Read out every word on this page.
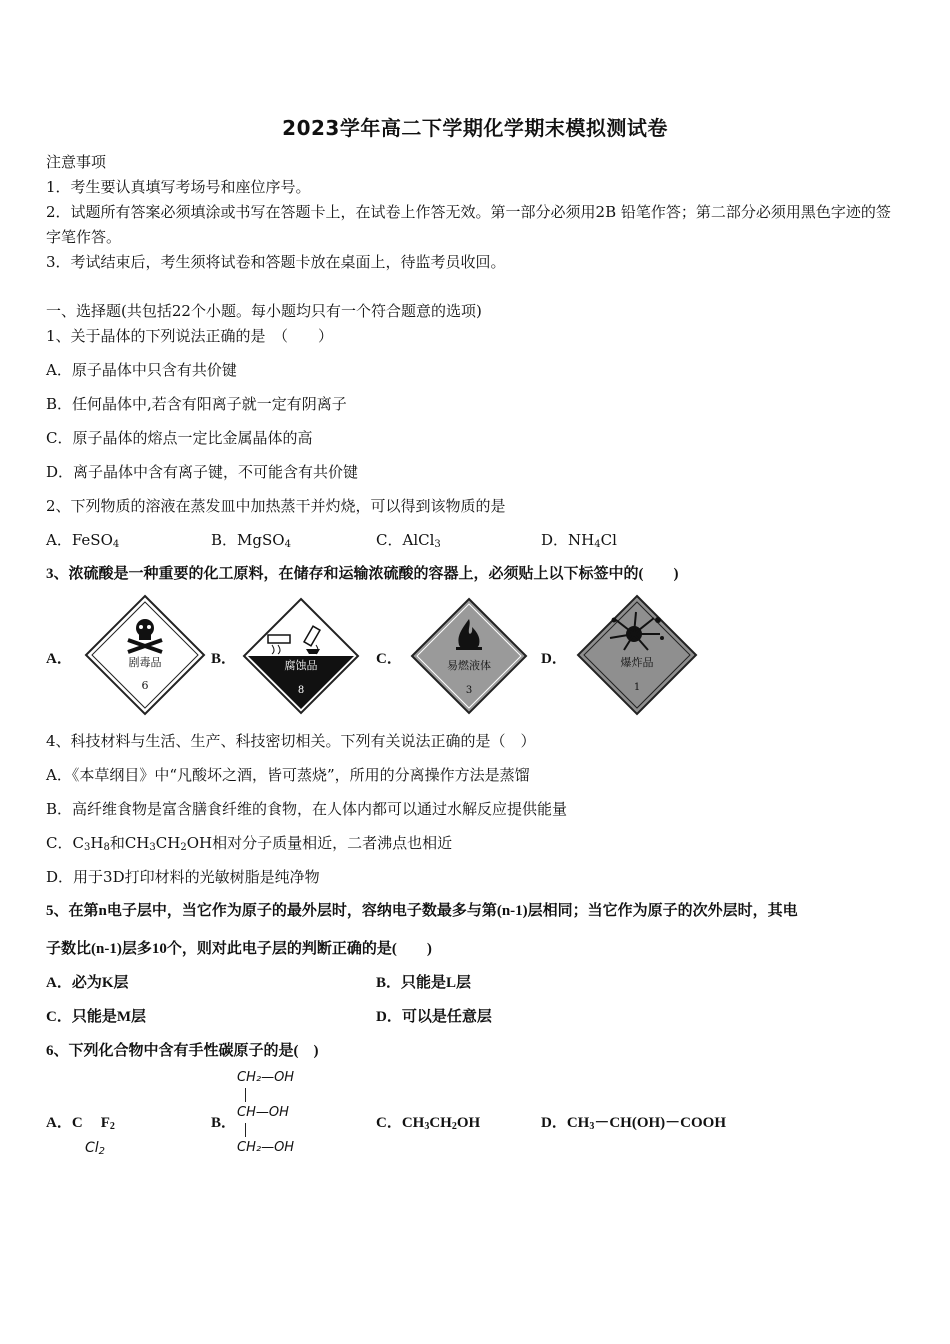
2023学年高二下学期化学期末模拟测试卷
注意事项
1．考生要认真填写考场号和座位序号。
2．试题所有答案必须填涂或书写在答题卡上，在试卷上作答无效。第一部分必须用2B 铅笔作答；第二部分必须用黑色字迹的签字笔作答。
3．考试结束后，考生须将试卷和答题卡放在桌面上，待监考员收回。
一、选择题(共包括22个小题。每小题均只有一个符合题意的选项)
1、关于晶体的下列说法正确的是　（　　）
A．原子晶体中只含有共价键
B．任何晶体中,若含有阳离子就一定有阴离子
C．原子晶体的熔点一定比金属晶体的高
D．离子晶体中含有离子键，不可能含有共价键
2、下列物质的溶液在蒸发皿中加热蒸干并灼烧，可以得到该物质的是
A．FeSO$_4$	B．MgSO$_4$	C．AlCl$_3$	D．$NH_4Cl$
3、浓硫酸是一种重要的化工原料，在储存和运输浓硫酸的容器上，必须贴上以下标签中的(　　)
A．	剧毒品
6
B．	腐蚀品
8
C．	易燃液体
3
D．	爆炸品
1
4、科技材料与生活、生产、科技密切相关。下列有关说法正确的是（　）
A．《本草纲目》中“凡酸坏之酒，皆可蒸烧”，所用的分离操作方法是蒸馏
B．高纤维食物是富含膳食纤维的食物，在人体内都可以通过水解反应提供能量
C．$C_3H_8$和$CH_3CH_2OH$相对分子质量相近，二者沸点也相近
D．用于3D打印材料的光敏树脂是纯净物
5、在第n电子层中，当它作为原子的最外层时，容纳电子数最多与第(n-1)层相同；当它作为原子的次外层时，其电
子数比(n-1)层多10个，则对此电子层的判断正确的是(　　)
A．必为K层	B．只能是L层
C．只能是M层	D．可以是任意层
6、下列化合物中含有手性碳原子的是(　)
A．C $F_2$
$Cl_2$
B．
CH₂—OH
CH—OH
CH₂—OH
C．$CH_3CH_2OH$	D．$CH_3-CH(OH)-COOH$
